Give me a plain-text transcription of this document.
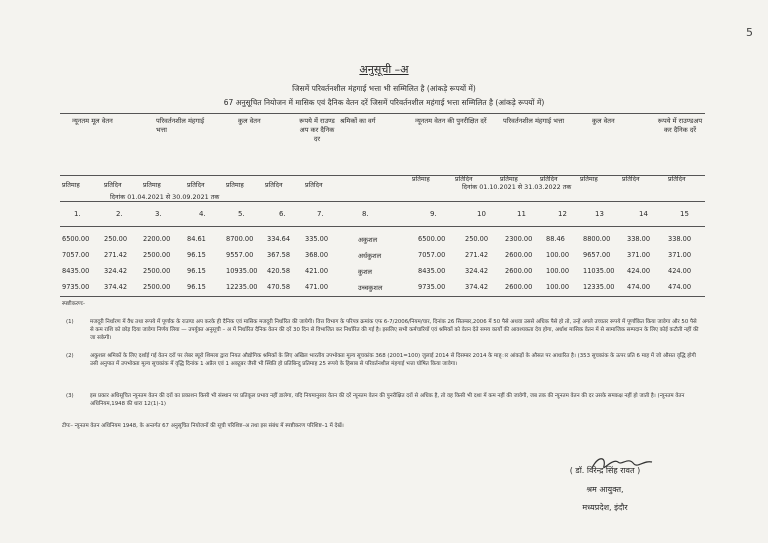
5
अनुसूची –अ
जिसमें परिवर्तनशील मंहगाई भत्ता भी सम्मिलित है (आंकड़े रूपयों में)
67 अनुसूचित नियोजन में मासिक एवं दैनिक वेतन दरें जिसमें परिवर्तनशील महंगाई भत्ता सम्मिलित है (आंकड़े रूपयों में)
न्यूनतम मूल वेतन	परिवर्तनशील मंहगाई भत्ता
कुल वेतन	रूपये में राउण्ड अप कर दैनिक दर
श्रमिकों का वर्ग	न्यूनतम वेतन की पुनरीक्षित दरें	परिवर्तनशील मंहगाई भत्ता	कुल वेतन	रूपये में राउण्डअप कर दैनिक दरें
प्रतिमाह	प्रतिदिन	प्रतिमाह	प्रतिदिन	प्रतिमाह	प्रतिदिन	प्रतिदिन
प्रतिमाह	प्रतिदिन	प्रतिमाह	प्रतिदिन	प्रतिमाह	प्रतिदिन	प्रतिदिन
दिनांक 01.04.2021 से 30.09.2021 तक
दिनांक 01.10.2021 से 31.03.2022 तक
1.	2.	3.	4.	5.	6.	7.	8.	9.	10	11	12	13	14	15
6500.00 250.00 2200.00	84.61	8700.00 334.64 335.00	अकुशल	6500.00	250.00	2300.00 88.46	8800.00	338.00	338.00
7057.00 271.42 2500.00	96.15	9557.00 367.58 368.00	अर्धकुशल	7057.00	271.42	2600.00 100.00 9657.00	371.00	371.00
8435.00 324.42 2500.00	96.15	10935.00 420.58 421.00	कुशल	8435.00	324.42	2600.00 100.00 11035.00 424.00	424.00
9735.00 374.42 2500.00	96.15	12235.00 470.58 471.00	उच्चकुशल	9735.00	374.42	2600.00 100.00 12335.00 474.00	474.00
स्पष्टीकरणः-
(1)	मजदूरी निर्धारण में वैध तथा रूपये में पूर्णांक के राउण्ड अप करके ही दैनिक एवं मासिक मजदूरी निर्धारित की जायेगी। वित्त विभाग के परिपत्र क्रमांक एफ 6-7/2006/नियम/चार, दिनांक 26 सितम्बर,2006 में 50 पैसे अथवा उससे अधिक पैसे हो तो, उन्हें अगले उच्चतर रूपये में पूर्णांकित किया जावेगा और 50 पैसे से कम राशि को छोड़ दिया जावेगा निर्णय लिया — उपर्युक्त अनुसूची – अ में निर्धारित दैनिक वेतन की दरें 30 दिन से विभाजित कर निर्धारित की गई है। इसलिए सभी कर्मचारियों एवं श्रमिकों को वेतन देते समय कार्यों की आवश्यकता देय होगा, अर्धाश मासिक वेतन में से सामाजिक सम्पदान के लिए कोई कटौती नहीं की जा सकेगी।
(2)	अकुशल श्रमिकों के लिए दर्शाई गई वेतन दरों पर लेबर ब्यूरो शिमला द्वारा नियत औद्योगिक श्रमिकों के लिए अखिल भारतीय उपभोक्ता मूल्य सूचकांक 368 (2001=100) जुलाई 2014 से दिसम्बर 2014 के माह्ार आंकड़ों के औसत पर आधारित है। (353 सूचकांक के ऊपर प्रति 6 माह में जो औसत वृद्धि होगी उसी अनुपात में उपभोक्ता मूल्य सूचकांक में वृद्धि दिनांक 1 अप्रैल एवं 1 अक्टूबर जैसी भी स्थिति हो प्रतिबिन्दु प्रतिमाह 25 रूपये के हिसाब से परिवर्तनशील मंहगाई भत्ता घोषित किया जावेगा।
(3)	इस प्रकार अधिसूचित न्यूनतम वेतन की दरों का प्रकाशन किसी भी संस्थान पर प्रतिकूल प्रभाव नहीं डालेगा, यदि नियमानुसार वेतन की दरें न्यूनतम वेतन की पुनरीक्षित दरों से अधिक है, तो वह किसी भी दशा में कम नहीं की जावेगी, जब तक की न्यूनतम वेतन की दर उसके समकक्ष नहीं हो जाती है। (न्यूनतम वेतन अधिनियम,1948 की धारा 12(1)-1)
टीपः– न्यूनतम वेतन अधिनियम 1948, के अन्तर्गत 67 अनुसूचित नियोजनों की सूची परिशिष्ट–अ तथा इस संबंध में स्पष्टीकरण परिशिष्ट–1 में देखें।
( डॉ. विरेन्द्र सिंह रावत )
श्रम आयुक्त,
मध्यप्रदेश, इंदौर
